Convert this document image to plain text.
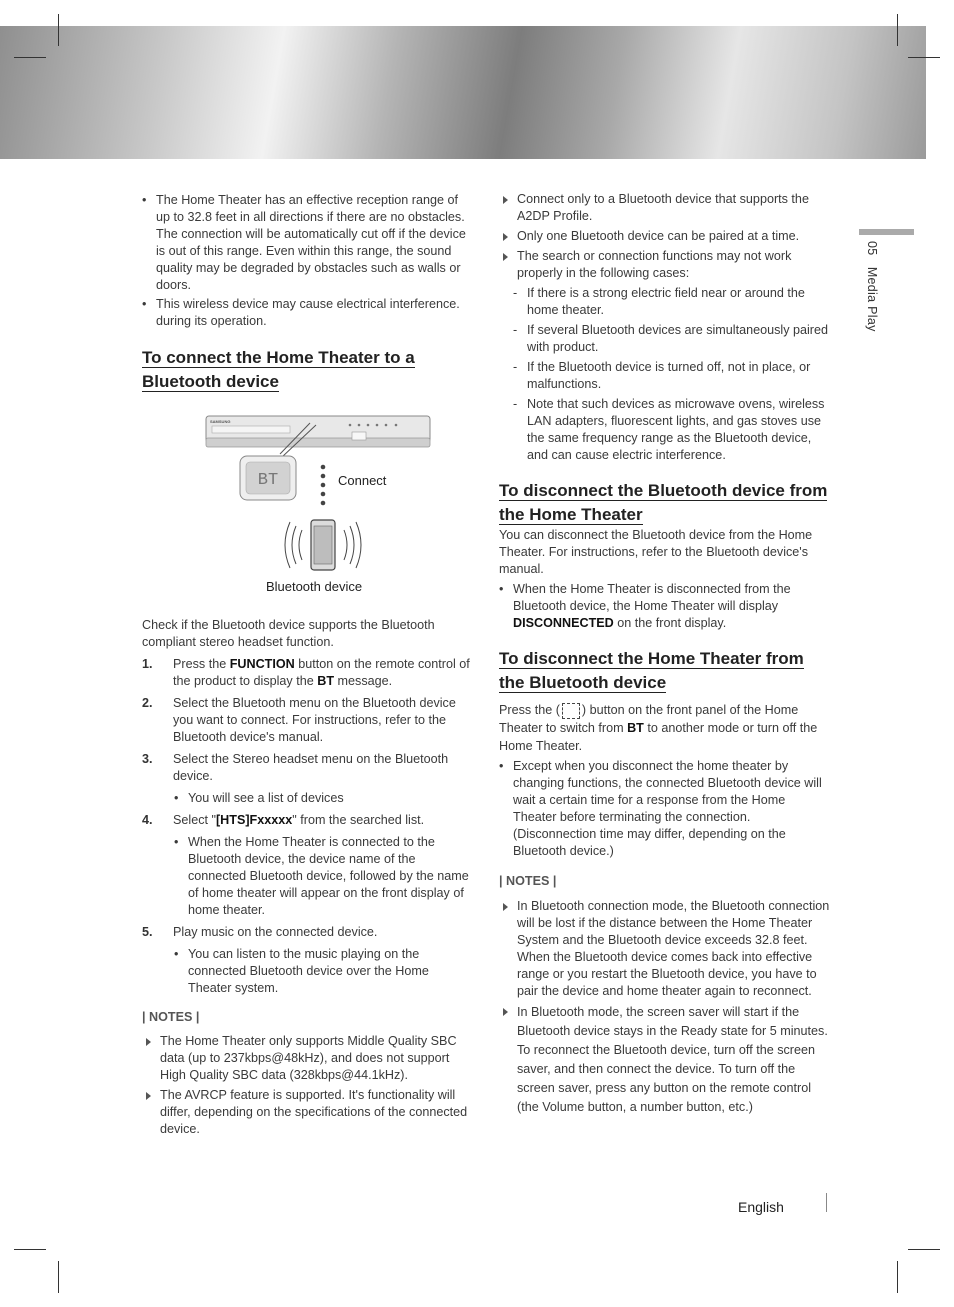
05   Media Play
• The Home Theater has an effective reception range of up to 32.8 feet in all directions if there are no obstacles. The connection will be automatically cut off if the device is out of this range. Even within this range, the sound quality may be degraded by obstacles such as walls or doors.
• This wireless device may cause electrical interference. during its operation.
To connect the Home Theater to a Bluetooth device
SAMSUNG
BT	Connect
Bluetooth device

Check if the Bluetooth device supports the Bluetooth compliant stereo headset function.

1. Press the FUNCTION button on the remote control of the product to display the BT message.
2. Select the Bluetooth menu on the Bluetooth device you want to connect. For instructions, refer to the Bluetooth device's manual.
3. Select the Stereo headset menu on the Bluetooth device.
• You will see a list of devices
4. Select "[HTS]Fxxxxx" from the searched list.
• When the Home Theater is connected to the Bluetooth device, the device name of the connected Bluetooth device, followed by the name of home theater will appear on the front display of home theater.
5. Play music on the connected device.
• You can listen to the music playing on the connected Bluetooth device over the Home Theater system.

| NOTES |

The Home Theater only supports Middle Quality SBC data (up to 237kbps@48kHz), and does not support High Quality SBC data (328kbps@44.1kHz).
The AVRCP feature is supported. It's functionality will differ, depending on the specifications of the connected device.
Connect only to a Bluetooth device that supports the A2DP Profile.
Only one Bluetooth device can be paired at a time.
The search or connection functions may not work properly in the following cases:
- If there is a strong electric field near or around the home theater.
- If several Bluetooth devices are simultaneously paired with product.
- If the Bluetooth device is turned off, not in place, or malfunctions.
- Note that such devices as microwave ovens, wireless LAN adapters, fluorescent lights, and gas stoves use the same frequency range as the Bluetooth device, and can cause electric interference.
To disconnect the Bluetooth device from the Home Theater

You can disconnect the Bluetooth device from the Home Theater. For instructions, refer to the Bluetooth device's manual.

• When the Home Theater is disconnected from the Bluetooth device, the Home Theater will display DISCONNECTED on the front display.
To disconnect the Home Theater from the Bluetooth device

Press the ( ) button on the front panel of the Home Theater to switch from BT to another mode or turn off the Home Theater.

• Except when you disconnect the home theater by changing functions, the connected Bluetooth device will wait a certain time for a response from the Home Theater before terminating the connection. (Disconnection time may differ, depending on the Bluetooth device.)

| NOTES |

In Bluetooth connection mode, the Bluetooth connection will be lost if the distance between the Home Theater System and the Bluetooth device exceeds 32.8 feet. When the Bluetooth device comes back into effective range or you restart the Bluetooth device, you have to pair the device and home theater again to reconnect.
In Bluetooth mode, the screen saver will start if the Bluetooth device stays in the Ready state for 5 minutes. To reconnect the Bluetooth device, turn off the screen saver, and then connect the device. To turn off the screen saver, press any button on the remote control (the Volume button, a number button, etc.)
English
